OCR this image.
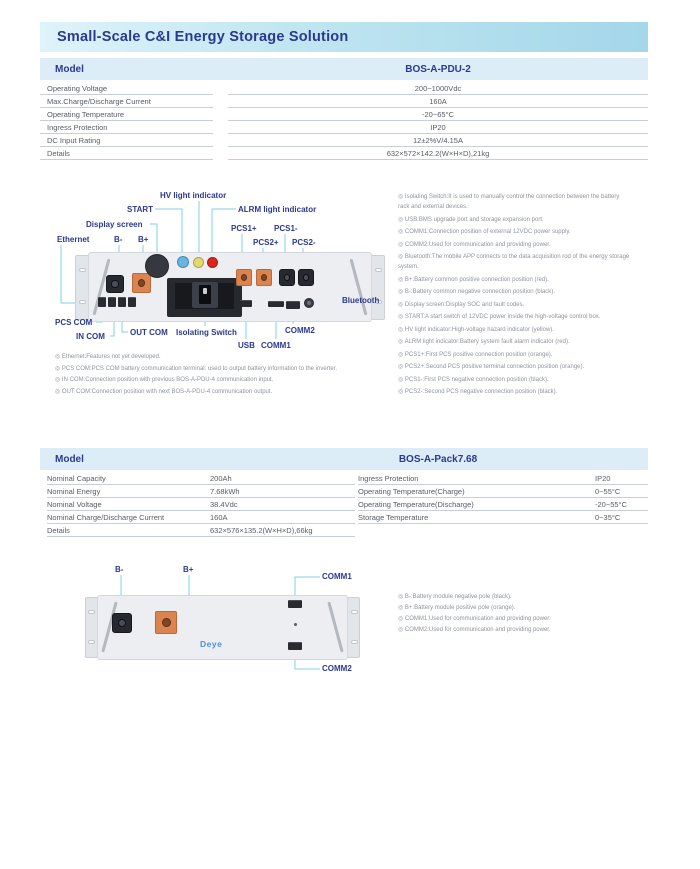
Small-Scale C&I Energy Storage Solution
Model	BOS-A-PDU-2
Operating Voltage	200~1000Vdc
Max.Charge/Discharge Current	160A
Operating Temperature	-20~65°C
Ingress Protection	IP20
DC Input Rating	12±2%V/4.15A
Details	632×572×142.2(W×H×D),21kg
HV light indicator
START	ALRM light indicator
Display screen
Ethernet	B- B+
PCS1+ PCS1-
PCS2+ PCS2-
PCS COM
IN COM	OUT COM Isolating Switch
USB COMM1
COMM2
Bluetooth
◎ Ethernet:Features not yet developed.
◎ PCS COM:PCS COM battery communication terminal: used to output battery information to the inverter.
◎ IN COM:Connection position with previous BOS-A-PDU-4 communication input.
◎ OUT COM:Connection position with next BOS-A-PDU-4 communication output.
◎ Isolating Switch:It is used to manually control the connection between the battery rack and external devices.
◎ USB:BMS upgrade port and storage expansion port.
◎ COMM1:Connection position of external 12VDC power supply.
◎ COMM2:Used for communication and providing power.
◎ Bluetooth:The mobile APP connects to the data acquisition rod of the energy storage system.
◎ B+:Battery common positive connection position (red).
◎ B-:Battery common negative connection position (black).
◎ Display screen:Display SOC and fault codes.
◎ START:A start switch of 12VDC power inside the high-voltage control box.
◎ HV light indicator:High-voltage hazard indicator (yellow).
◎ ALRM light indicator:Battery system fault alarm indicator (red).
◎ PCS1+:First PCS positive connection position (orange).
◎ PCS2+:Second PCS positive terminal connection position (orange).
◎ PCS1-:First PCS negative connection position (black).
◎ PCS2-:Second PCS negative connection position (black).
Model	BOS-A-Pack7.68
Nominal Capacity	200Ah
Nominal Energy	7.68kWh
Nominal Voltage	38.4Vdc
Nominal Charge/Discharge Current	160A
Details	632×576×135.2(W×H×D),66kg
Ingress Protection	IP20
Operating Temperature(Charge)	0~55°C
Operating Temperature(Discharge)	-20~55°C
Storage Temperature	0~35°C
Deye
B-	B+
COMM1
COMM2
◎ B-:Battery module negative pole (black).
◎ B+:Battery module positive pole (orange).
◎ COMM1:Used for communication and providing power.
◎ COMM2:Used for communication and providing power.
